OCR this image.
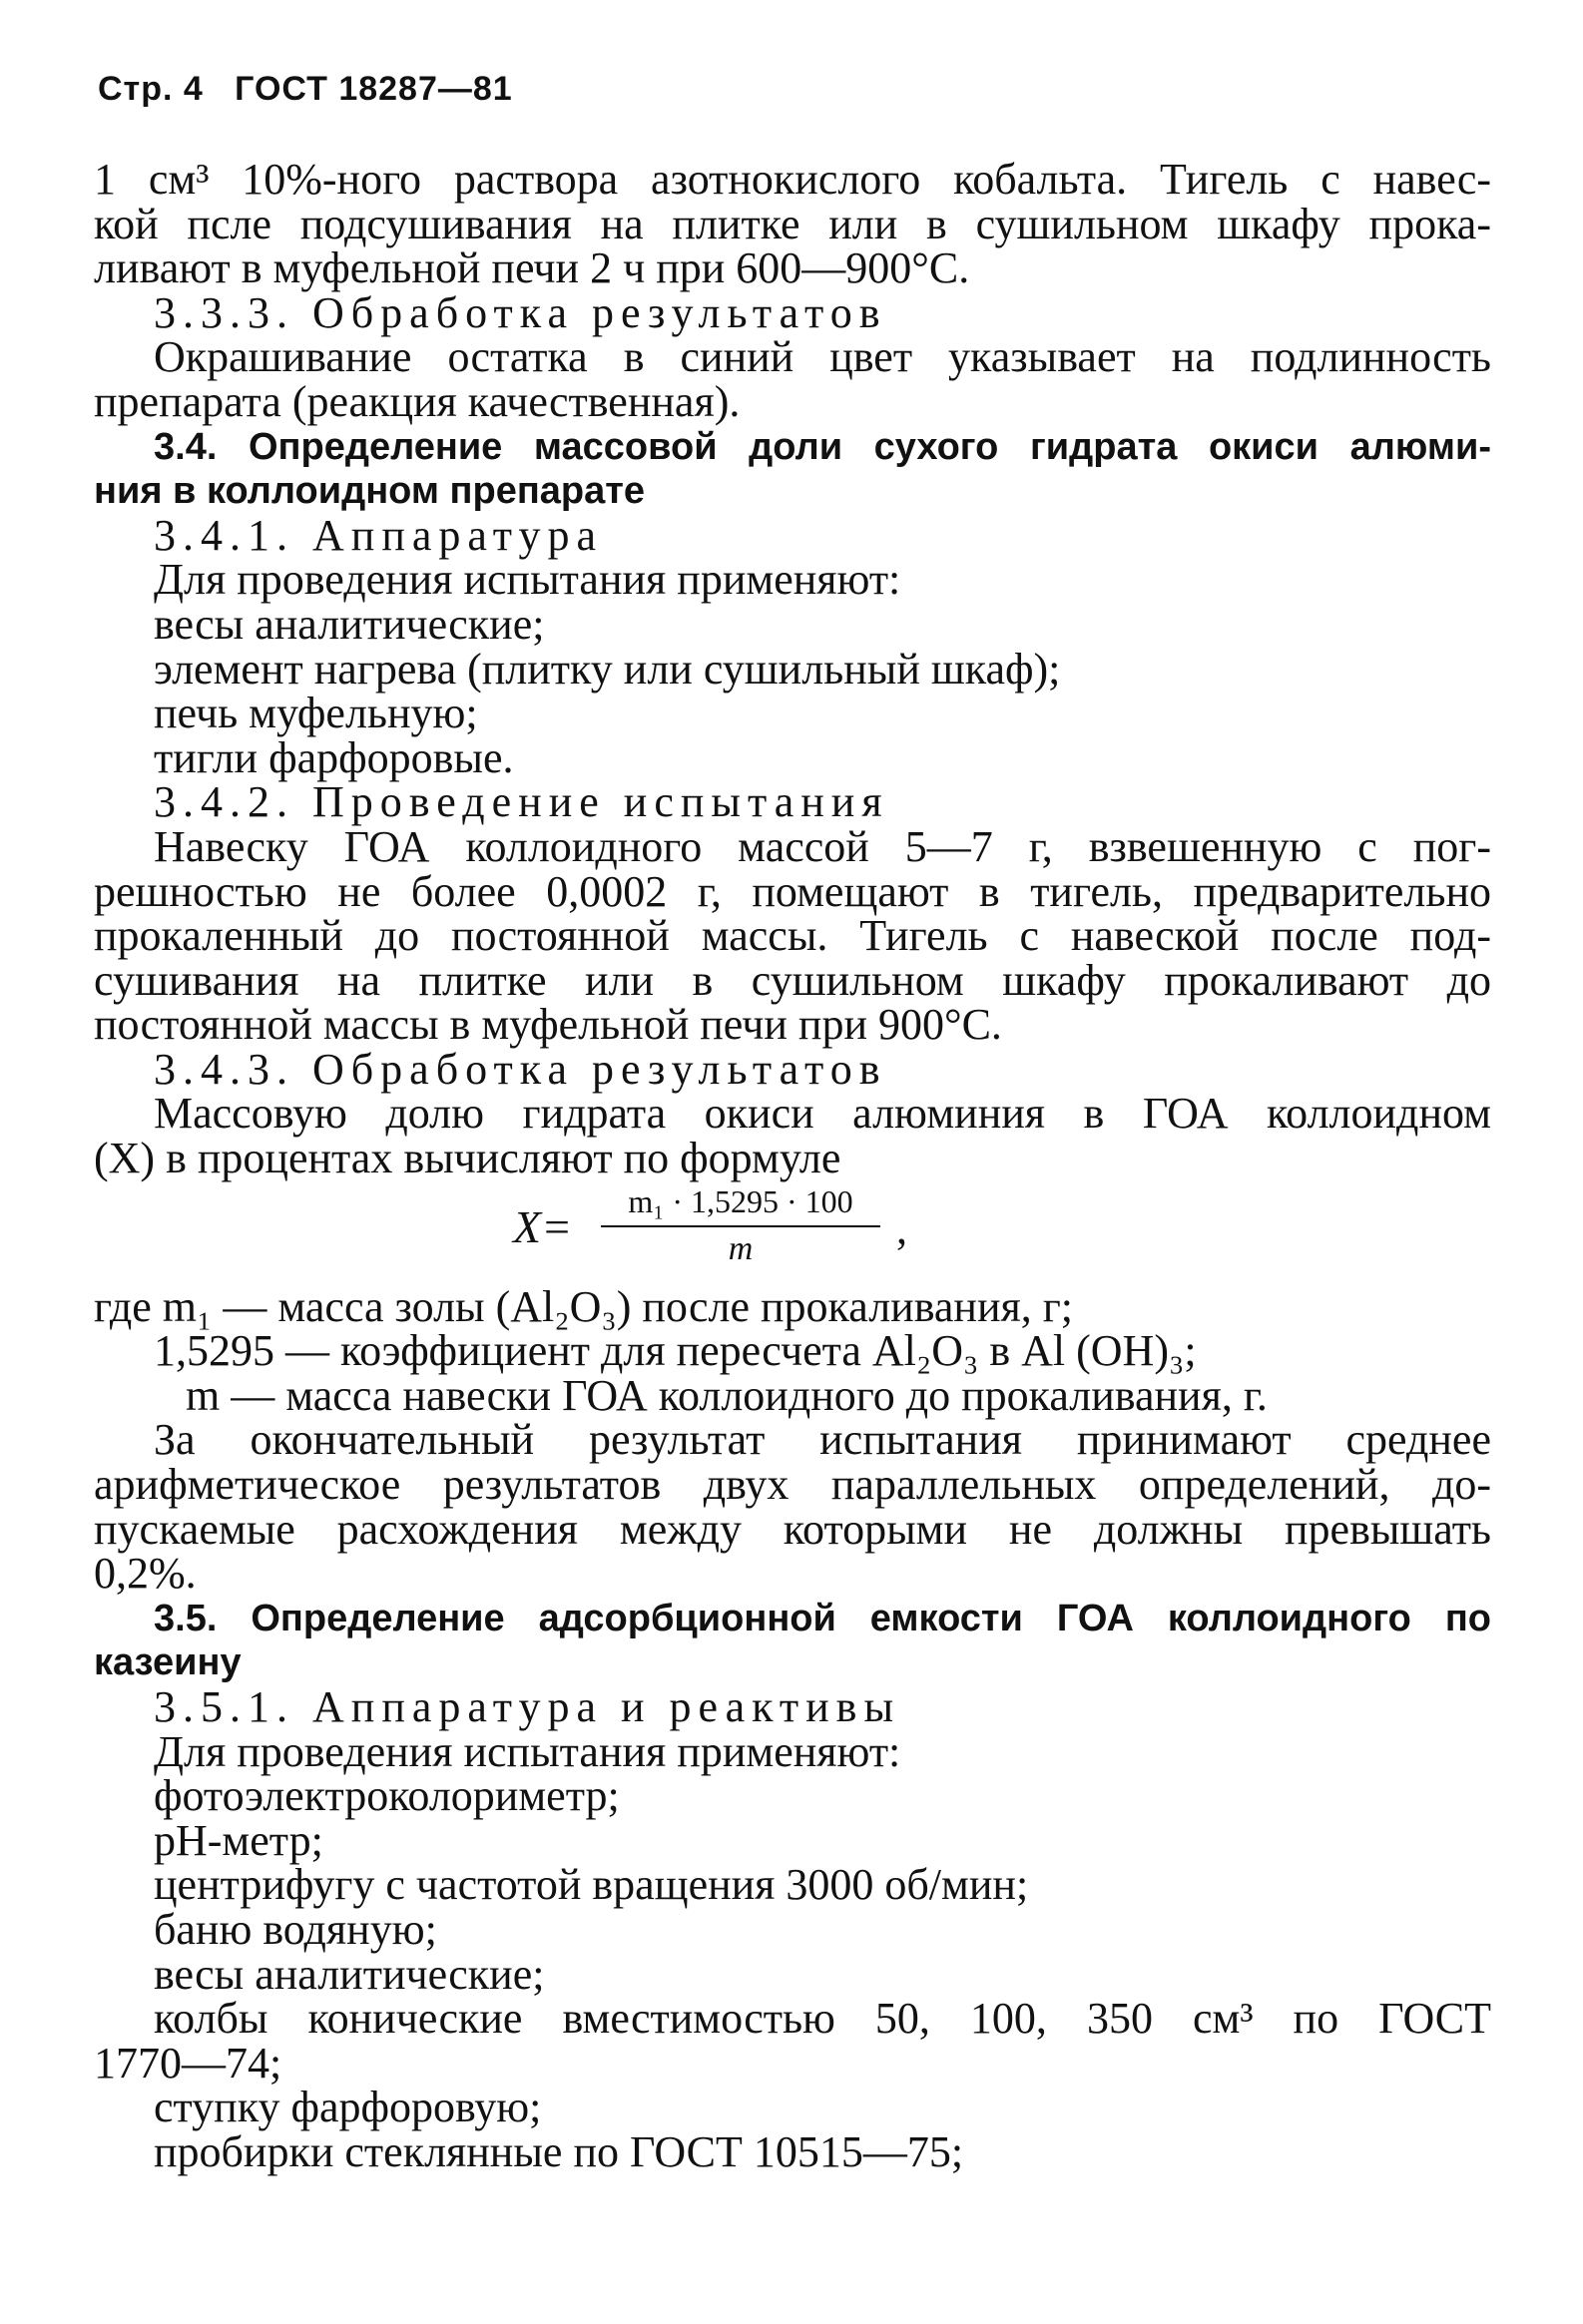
Стр. 4 ГОСТ 18287—81
1 см³ 10%-ного раствора азотнокислого кобальта. Тигель с навес-
кой псле подсушивания на плитке или в сушильном шкафу прока-
ливают в муфельной печи 2 ч при 600—900°С.
3.3.3. Обработка результатов
Окрашивание остатка в синий цвет указывает на подлинность
препарата (реакция качественная).
3.4. Определение массовой доли сухого гидрата окиси алюми-
ния в коллоидном препарате
3.4.1. Аппаратура
Для проведения испытания применяют:
весы аналитические;
элемент нагрева (плитку или сушильный шкаф);
печь муфельную;
тигли фарфоровые.
3.4.2. Проведение испытания
Навеску ГОА коллоидного массой 5—7 г, взвешенную с пог-
решностью не более 0,0002 г, помещают в тигель, предварительно
прокаленный до постоянной массы. Тигель с навеской после под-
сушивания на плитке или в сушильном шкафу прокаливают до
постоянной массы в муфельной печи при 900°С.
3.4.3. Обработка результатов
Массовую долю гидрата окиси алюминия в ГОА коллоидном
(X) в процентах вычисляют по формуле
$X= \frac{\text{m₁ · 1,5295 · 100}}{m}$ ,
где m₁ — масса золы (Al₂O₃) после прокаливания, г;
1,5295 — коэффициент для пересчета Al₂O₃ в Al (OH)₃;
m — масса навески ГОА коллоидного до прокаливания, г.
За окончательный результат испытания принимают среднее
арифметическое результатов двух параллельных определений, до-
пускаемые расхождения между которыми не должны превышать
0,2%.
3.5. Определение адсорбционной емкости ГОА коллоидного по
казеину
3.5.1. Аппаратура и реактивы
Для проведения испытания применяют:
фотоэлектроколориметр;
рН-метр;
центрифугу с частотой вращения 3000 об/мин;
баню водяную;
весы аналитические;
колбы конические вместимостью 50, 100, 350 см³ по ГОСТ
1770—74;
ступку фарфоровую;
пробирки стеклянные по ГОСТ 10515—75;
